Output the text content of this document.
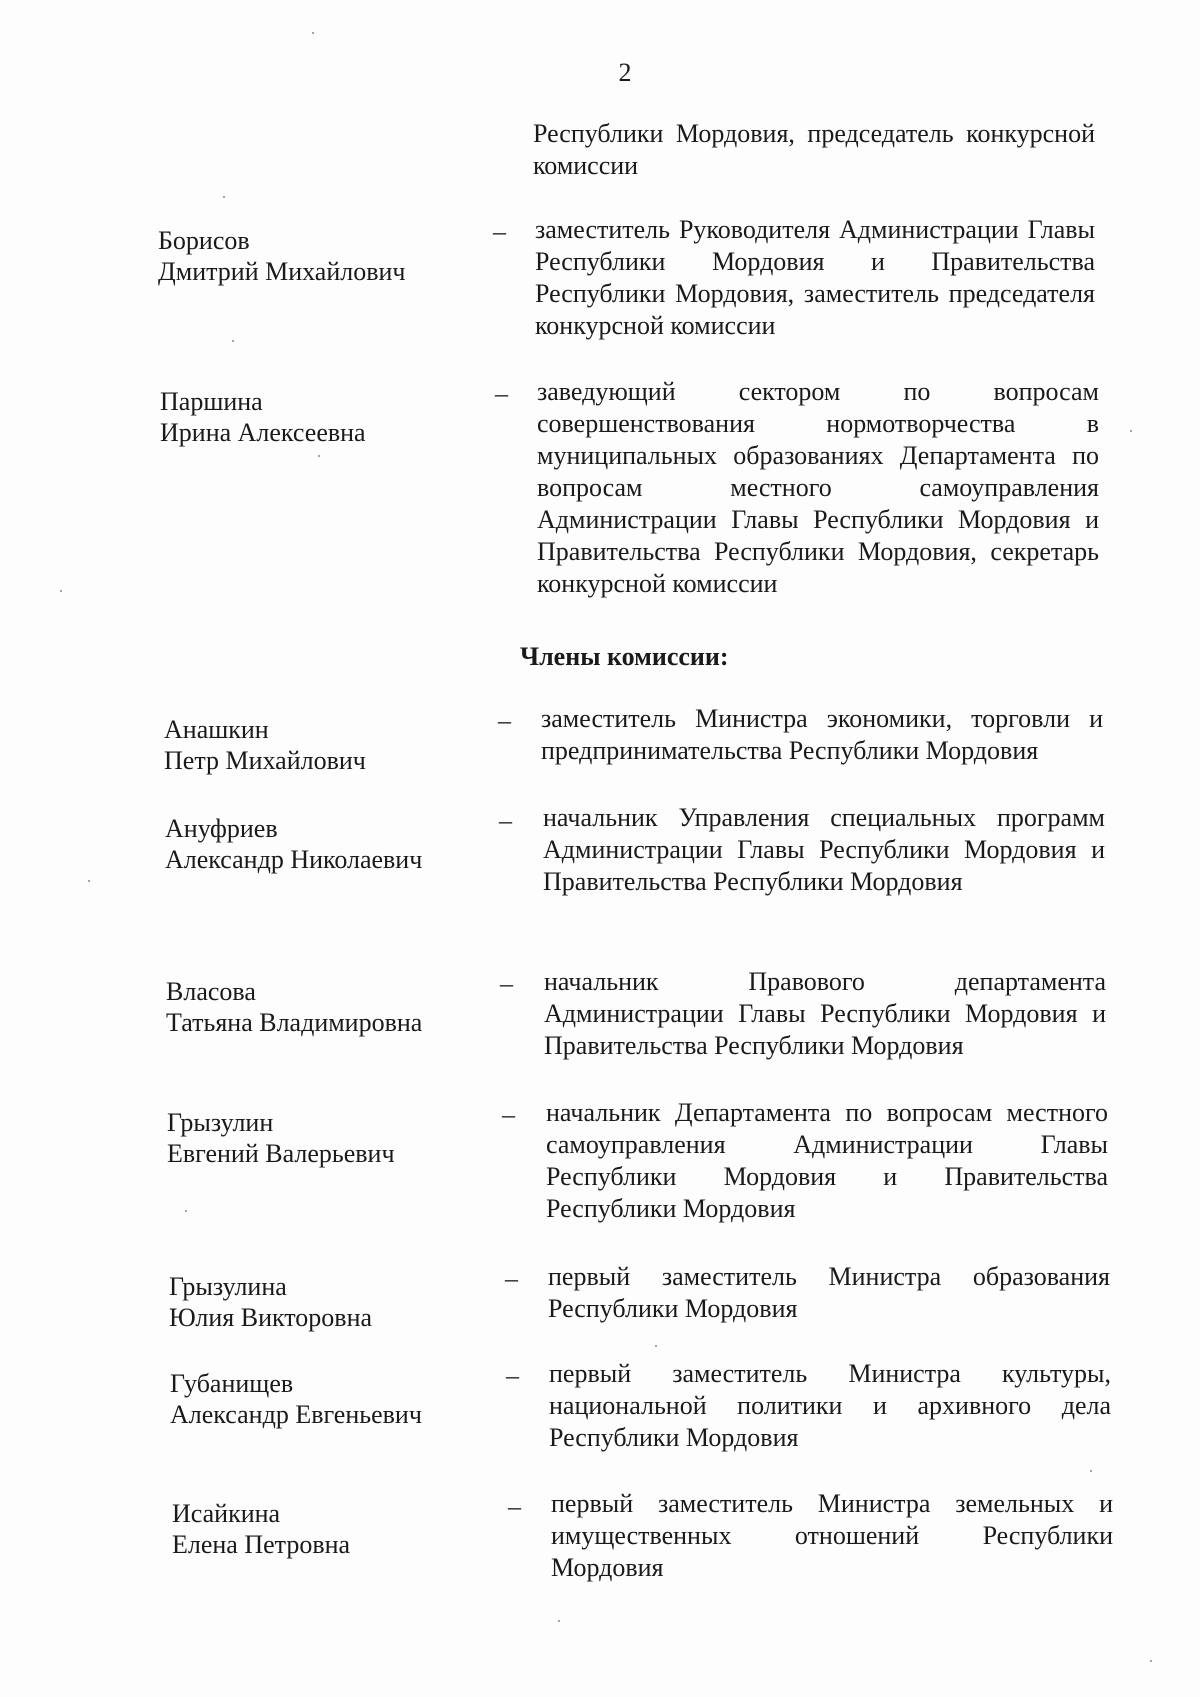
2
Республики Мордовия, председатель конкурсной комиссии
Борисов
Дмитрий Михайлович
– заместитель Руководителя Администрации Главы Республики Мордовия и Правительства Республики Мордовия, заместитель председателя конкурсной комиссии
Паршина
Ирина Алексеевна
– заведующий сектором по вопросам совершенствования нормотворчества в муниципальных образованиях Департамента по вопросам местного самоуправления Администрации Главы Республики Мордовия и Правительства Республики Мордовия, секретарь конкурсной комиссии
Члены комиссии:
Анашкин
Петр Михайлович
– заместитель Министра экономики, торговли и предпринимательства Республики Мордовия
Ануфриев
Александр Николаевич
– начальник Управления специальных программ Администрации Главы Республики Мордовия и Правительства Республики Мордовия
Власова
Татьяна Владимировна
– начальник Правового департамента Администрации Главы Республики Мордовия и Правительства Республики Мордовия
Грызулин
Евгений Валерьевич
– начальник Департамента по вопросам местного самоуправления Администрации Главы Республики Мордовия и Правительства Республики Мордовия
Грызулина
Юлия Викторовна
– первый заместитель Министра образования Республики Мордовия
Губанищев
Александр Евгеньевич
– первый заместитель Министра культуры, национальной политики и архивного дела Республики Мордовия
Исайкина
Елена Петровна
– первый заместитель Министра земельных и имущественных отношений Республики Мордовия
